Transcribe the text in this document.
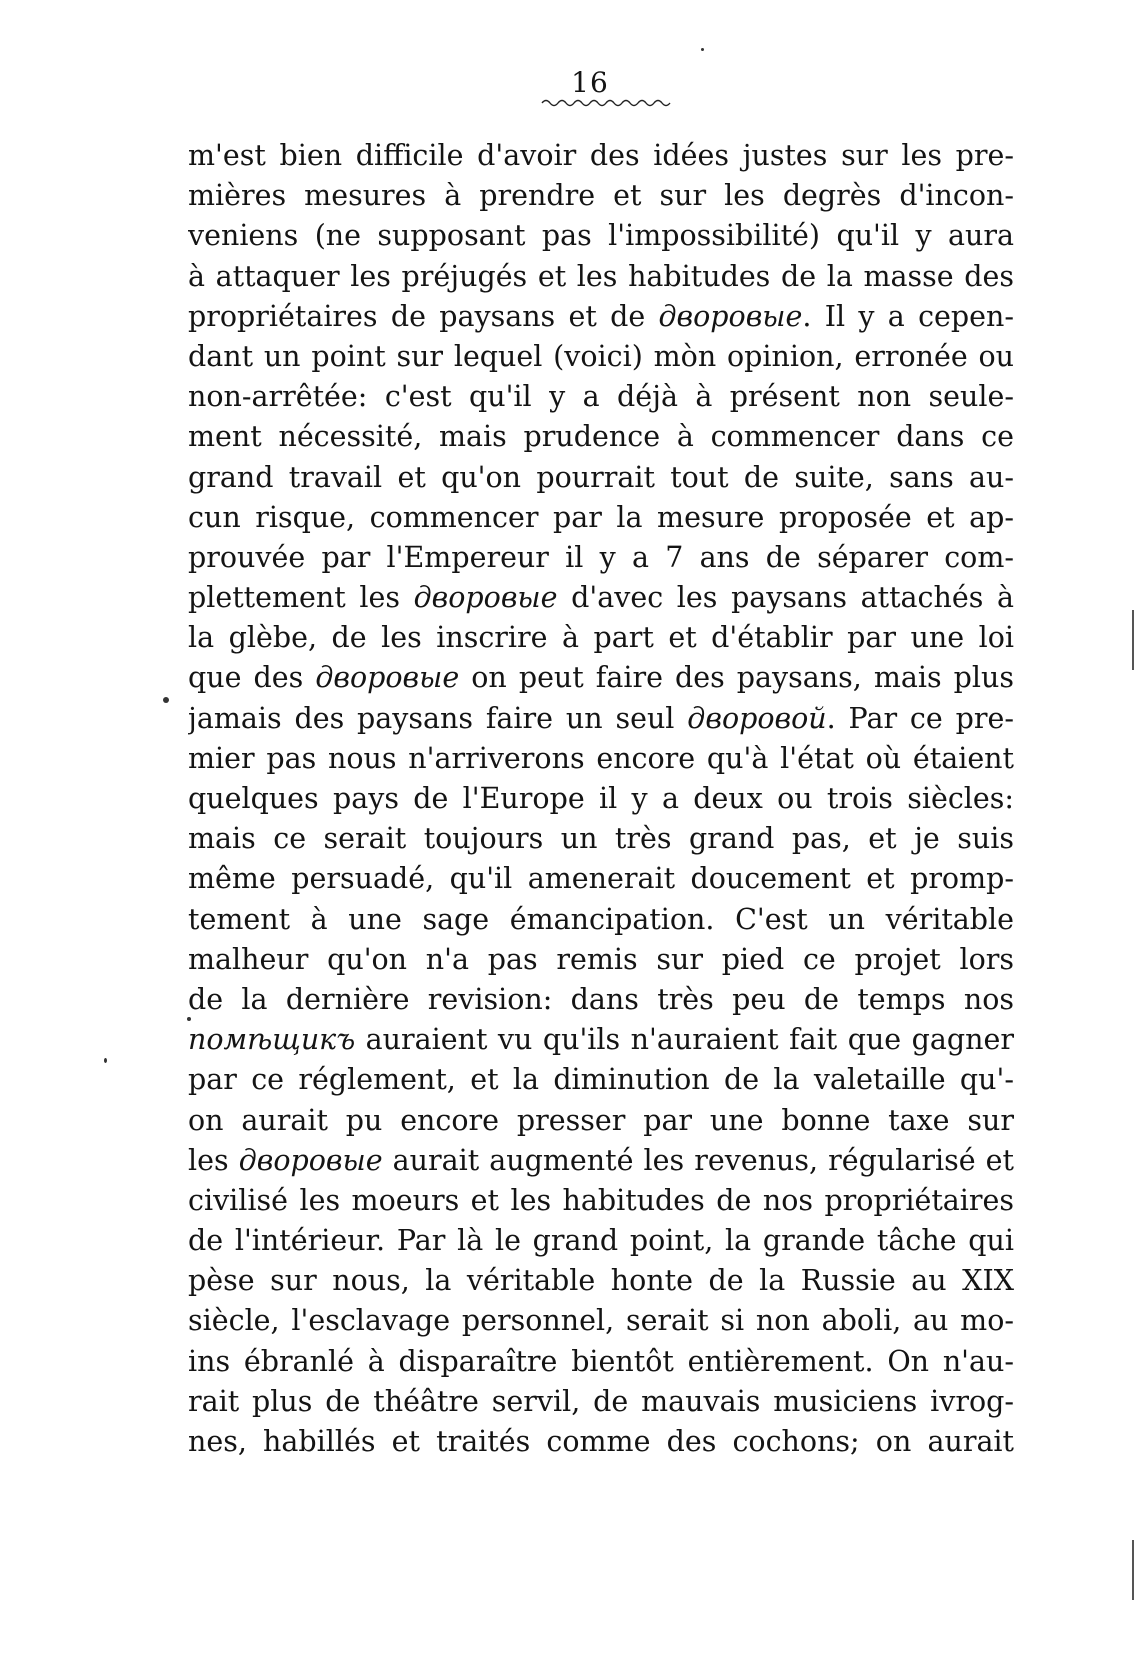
16
m'est bien difficile d'avoir des idées justes sur les pre-
mières mesures à prendre et sur les degrès d'incon-
veniens (ne supposant pas l'impossibilité) qu'il y aura
à attaquer les préjugés et les habitudes de la masse des
propriétaires de paysans et de дворовые. Il y a cepen-
dant un point sur lequel (voici) mòn opinion, erronée ou
non-arrêtée: c'est qu'il y a déjà à présent non seule-
ment nécessité, mais prudence à commencer dans ce
grand travail et qu'on pourrait tout de suite, sans au-
cun risque, commencer par la mesure proposée et ap-
prouvée par l'Empereur il y a 7 ans de séparer com-
plettement les дворовые d'avec les paysans attachés à
la glèbe, de les inscrire à part et d'établir par une loi
que des дворовые on peut faire des paysans, mais plus
jamais des paysans faire un seul дворовой. Par ce pre-
mier pas nous n'arriverons encore qu'à l'état où étaient
quelques pays de l'Europe il y a deux ou trois siècles:
mais ce serait toujours un très grand pas, et je suis
même persuadé, qu'il amenerait doucement et promp-
tement à une sage émancipation. C'est un véritable
malheur qu'on n'a pas remis sur pied ce projet lors
de la dernière revision: dans très peu de temps nos
помѣщикъ auraient vu qu'ils n'auraient fait que gagner
par ce réglement, et la diminution de la valetaille qu'-
on aurait pu encore presser par une bonne taxe sur
les дворовые aurait augmenté les revenus, régularisé et
civilisé les moeurs et les habitudes de nos propriétaires
de l'intérieur. Par là le grand point, la grande tâche qui
pèse sur nous, la véritable honte de la Russie au XIX
siècle, l'esclavage personnel, serait si non aboli, au mo-
ins ébranlé à disparaître bientôt entièrement. On n'au-
rait plus de théâtre servil, de mauvais musiciens ivrog-
nes, habillés et traités comme des cochons; on aurait
